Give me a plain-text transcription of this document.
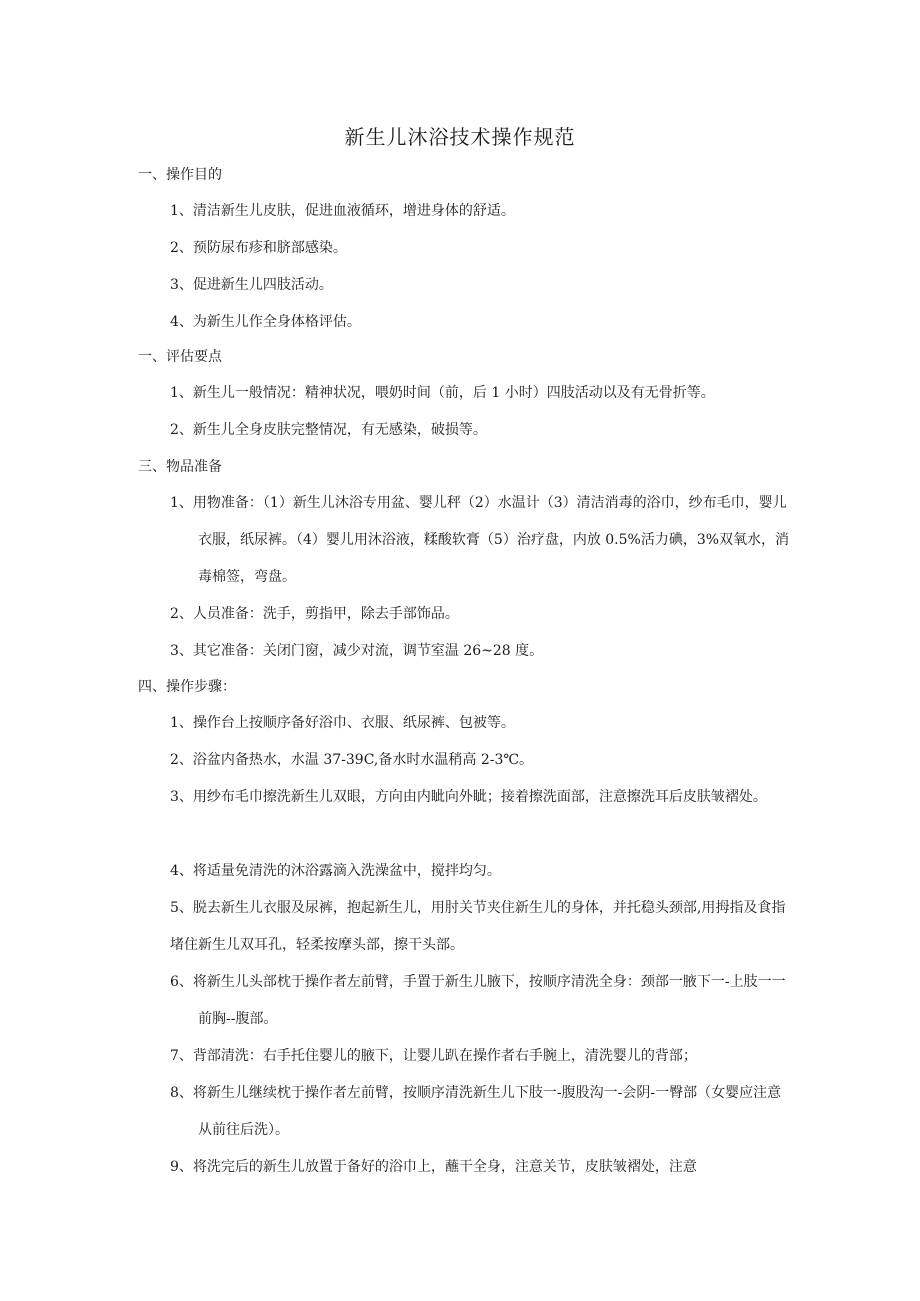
新生儿沐浴技术操作规范
一、操作目的
1、清洁新生儿皮肤，促进血液循环，增进身体的舒适。
2、预防尿布疹和脐部感染。
3、促进新生儿四肢活动。
4、为新生儿作全身体格评估。
一、评估要点
1、新生儿一般情况：精神状况，喂奶时间（前，后 1 小时）四肢活动以及有无骨折等。
2、新生儿全身皮肤完整情况，有无感染，破损等。
三、物品准备
1、用物准备：（1）新生儿沐浴专用盆、婴儿秤（2）水温计（3）清洁消毒的浴巾，纱布毛巾，婴儿衣服，纸尿裤。（4）婴儿用沐浴液，糅酸软膏（5）治疗盘，内放 0.5%活力碘，3%双氧水，消毒棉签，弯盘。
2、人员准备：洗手，剪指甲，除去手部饰品。
3、其它准备：关闭门窗，减少对流，调节室温 26~28 度。
四、操作步骤：
1、操作台上按顺序备好浴巾、衣服、纸尿裤、包被等。
2、浴盆内备热水，水温 37-39C,备水时水温稍高 2-3℃。
3、用纱布毛巾擦洗新生儿双眼，方向由内眦向外眦；接着擦洗面部，注意擦洗耳后皮肤皱褶处。
4、将适量免清洗的沐浴露滴入洗澡盆中，搅拌均匀。
5、脱去新生儿衣服及尿裤，抱起新生儿，用肘关节夹住新生儿的身体，并托稳头颈部,用拇指及食指堵住新生儿双耳孔，轻柔按摩头部，擦干头部。
6、将新生儿头部枕于操作者左前臂，手置于新生儿腋下，按顺序清洗全身：颈部一腋下一-上肢一一前胸--腹部。
7、背部清洗：右手托住婴儿的腋下，让婴儿趴在操作者右手腕上，清洗婴儿的背部；
8、将新生儿继续枕于操作者左前臂，按顺序清洗新生儿下肢一-腹股沟一-会阴-一臀部（女婴应注意从前往后洗）。
9、将洗完后的新生儿放置于备好的浴巾上，蘸干全身，注意关节，皮肤皱褶处，注意
